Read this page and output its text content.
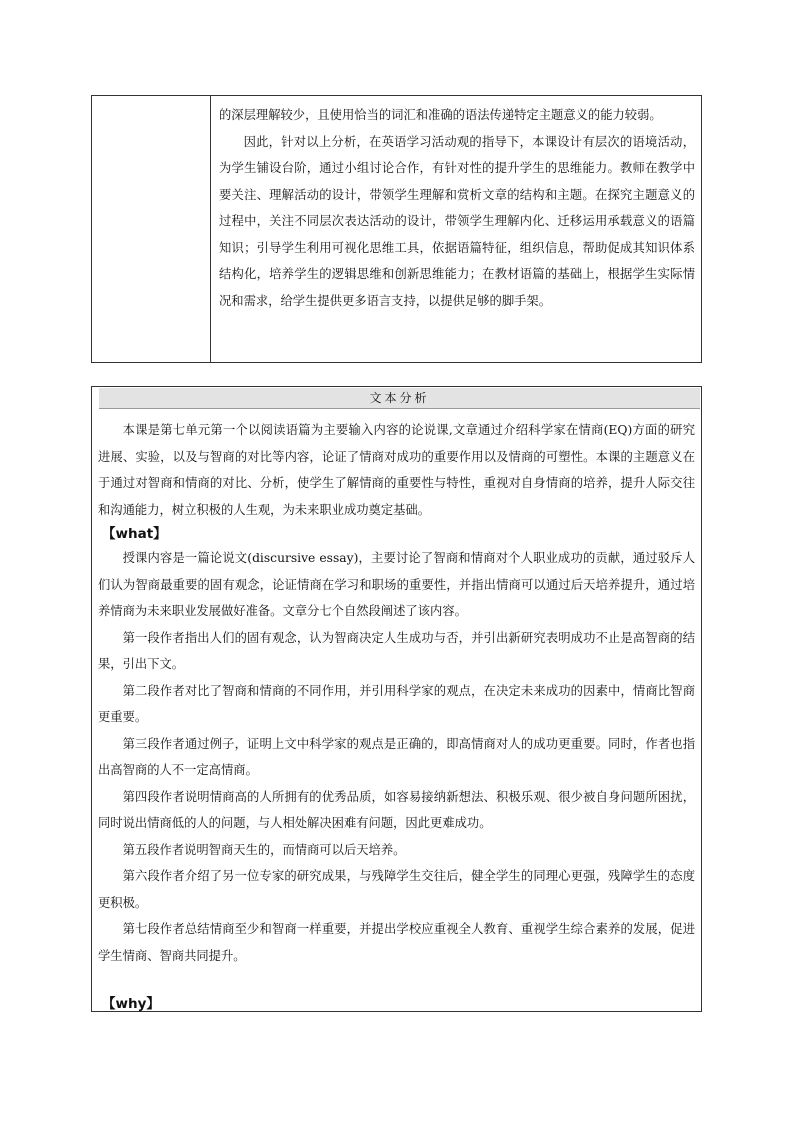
的深层理解较少，且使用恰当的词汇和准确的语法传递特定主题意义的能力较弱。

因此，针对以上分析，在英语学习活动观的指导下，本课设计有层次的语境活动，为学生铺设台阶，通过小组讨论合作，有针对性的提升学生的思维能力。教师在教学中要关注、理解活动的设计，带领学生理解和赏析文章的结构和主题。在探究主题意义的过程中，关注不同层次表达活动的设计，带领学生理解内化、迁移运用承载意义的语篇知识；引导学生利用可视化思维工具，依据语篇特征，组织信息，帮助促成其知识体系结构化，培养学生的逻辑思维和创新思维能力；在教材语篇的基础上，根据学生实际情况和需求，给学生提供更多语言支持，以提供足够的脚手架。

文本分析

本课是第七单元第一个以阅读语篇为主要输入内容的论说课,文章通过介绍科学家在情商(EQ)方面的研究进展、实验，以及与智商的对比等内容，论证了情商对成功的重要作用以及情商的可塑性。本课的主题意义在于通过对智商和情商的对比、分析，使学生了解情商的重要性与特性，重视对自身情商的培养，提升人际交往和沟通能力，树立积极的人生观，为未来职业成功奠定基础。

【what】

授课内容是一篇论说文(discursive essay)，主要讨论了智商和情商对个人职业成功的贡献，通过驳斥人们认为智商最重要的固有观念，论证情商在学习和职场的重要性，并指出情商可以通过后天培养提升，通过培养情商为未来职业发展做好准备。文章分七个自然段阐述了该内容。

第一段作者指出人们的固有观念，认为智商决定人生成功与否，并引出新研究表明成功不止是高智商的结果，引出下文。

第二段作者对比了智商和情商的不同作用，并引用科学家的观点，在决定未来成功的因素中，情商比智商更重要。

第三段作者通过例子，证明上文中科学家的观点是正确的，即高情商对人的成功更重要。同时，作者也指出高智商的人不一定高情商。

第四段作者说明情商高的人所拥有的优秀品质，如容易接纳新想法、积极乐观、很少被自身问题所困扰，同时说出情商低的人的问题，与人相处解决困难有问题，因此更难成功。

第五段作者说明智商天生的，而情商可以后天培养。

第六段作者介绍了另一位专家的研究成果，与残障学生交往后，健全学生的同理心更强，残障学生的态度更积极。

第七段作者总结情商至少和智商一样重要，并提出学校应重视全人教育、重视学生综合素养的发展，促进学生情商、智商共同提升。

【why】
